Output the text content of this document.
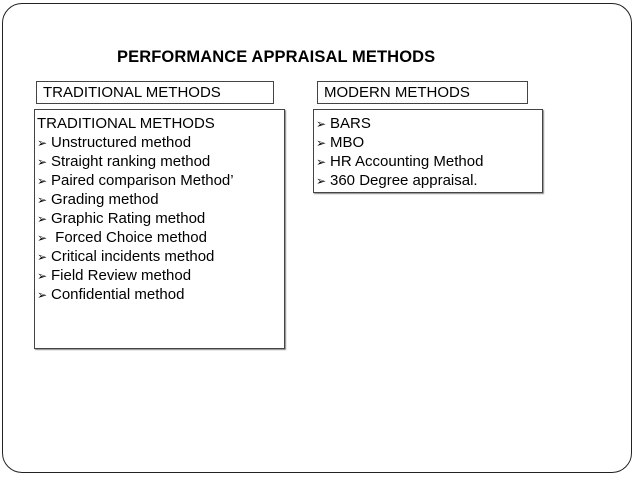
PERFORMANCE APPRAISAL METHODS
TRADITIONAL METHODS	MODERN METHODS
TRADITIONAL METHODS
➢ Unstructured method
➢ Straight ranking method
➢ Paired comparison Method’
➢ Grading method
➢ Graphic Rating method
➢ Forced Choice method
➢ Critical incidents method
➢ Field Review method
➢ Confidential method
➢ BARS
➢ MBO
➢ HR Accounting Method
➢ 360 Degree appraisal.
